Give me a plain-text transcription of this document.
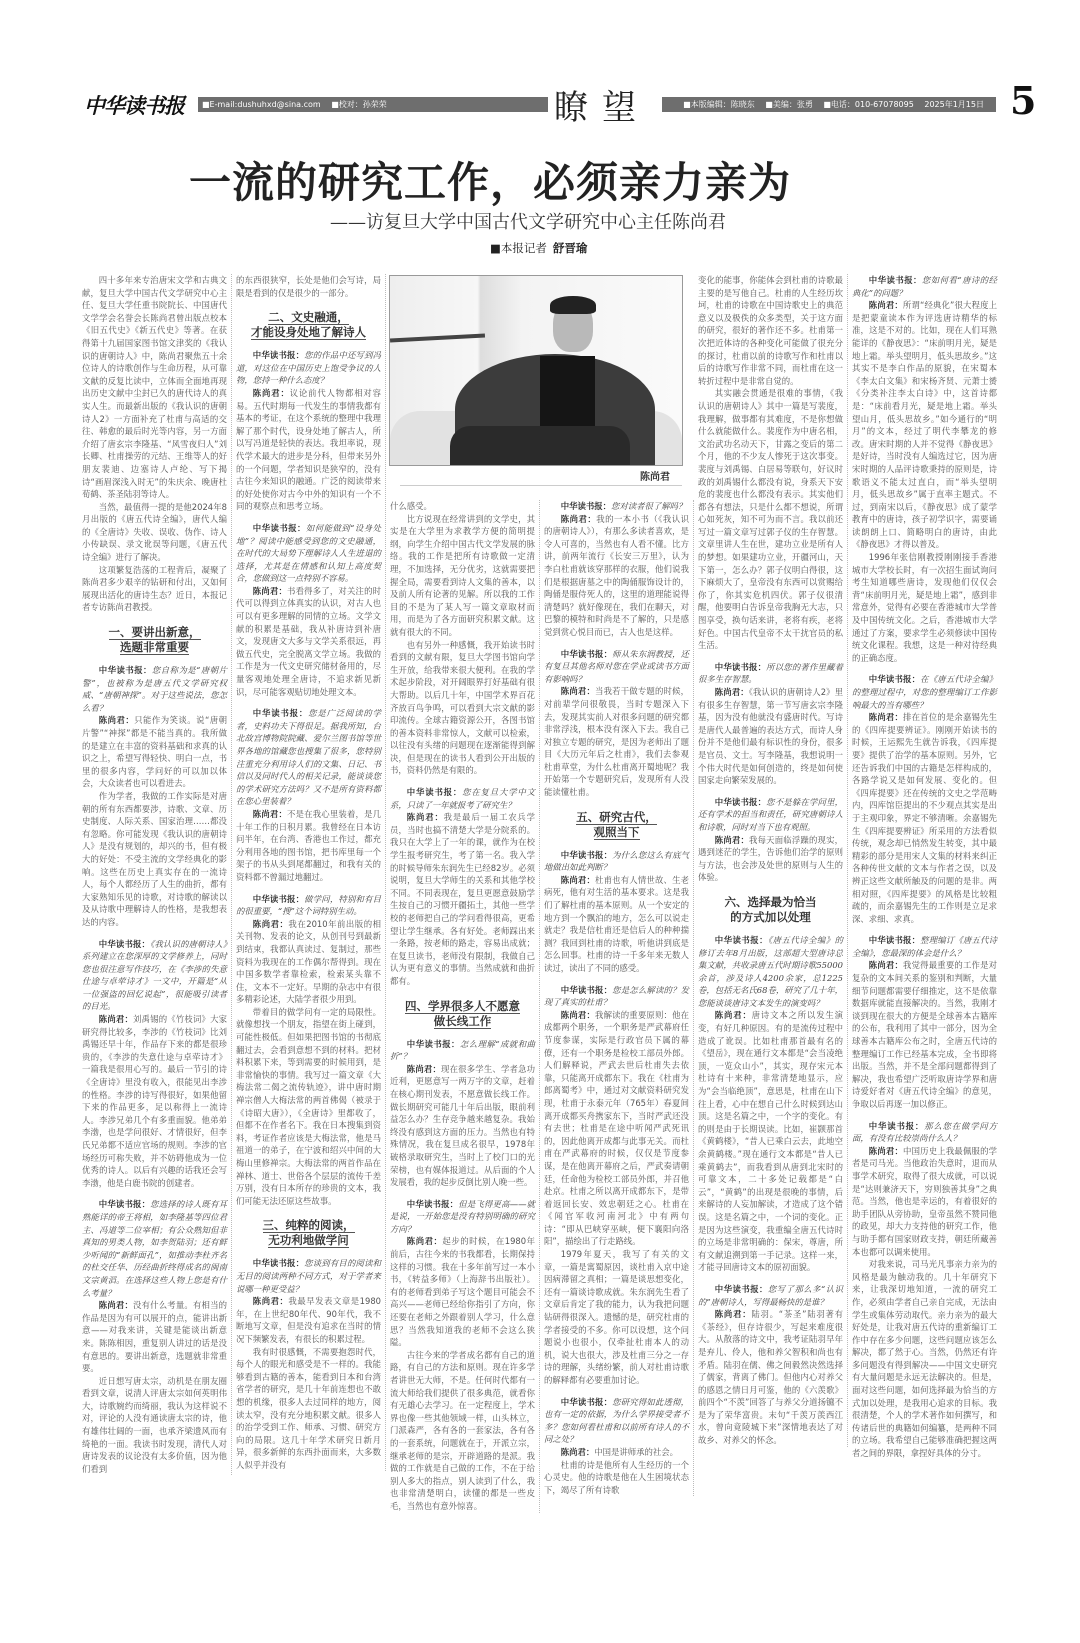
中华读书报	■E-mail:dushuhxd@sina.com ■校对：孙荣荣	瞭望	■本版编辑：陈晓东 ■美编：张勇 ■电话：010-67078095 2025年1月15日 5
一流的研究工作，必须亲力亲为
——访复旦大学中国古代文学研究中心主任陈尚君
■本报记者 舒晋瑜
陈尚君

四十多年来专治唐宋文学和古典文献，复旦大学中国古代文学研究中心主任、复旦大学任重书院院长、中国唐代文学学会名誉会长陈尚君曾出版点校本《旧五代史》《新五代史》等著。在获得第十九届国家图书馆文津奖的《我认识的唐朝诗人》中，陈尚君聚焦五十余位诗人的诗歌创作与生命历程，从可靠文献的反复比读中，立体而全面地再现出历史文献中尘封已久的唐代诗人的真实人生。而最新出版的《我认识的唐朝诗人2》一方面补充了杜甫与高适的交往、韩愈的最后时光等内容，另一方面介绍了唐玄宗李隆基、“风雪夜归人”刘长卿、杜甫操劳的元结、王维等人的好朋友裴迪、边塞诗人卢纶、写下揭诗“画眉深浅入时无”的朱庆余、晚唐杜荀鹤、茶圣陆羽等诗人。

当然，最值得一提的是他2024年8月出版的《唐五代诗全编》，唐代人编的《全唐诗》失收、误收、伪作、诗人小传缺误、录文讹误等问题，《唐五代诗全编》进行了解决。

这项繁复浩荡的工程背后，凝聚了陈尚君多少艰辛的钻研和付出，又如何展现出活化的唐诗生态？近日，本报记者专访陈尚君教授。

一、要讲出新意，
选题非常重要

中华读书报：您自称为是“唐朝片警”，也被称为是唐五代文学研究权威、“唐朝神探”。对于这些说法，您怎么看？

陈尚君：只能作为笑谈。说“唐朝片警”“神探”都是不能当真的。我所做的是建立在丰富的资料基础和求真的认识之上，希望写得轻快、明白一点，书里的很多内容，学问好的可以加以体会，大众读者也可以看进去。

作为学者，我做的工作实际是对唐朝的所有东西都要涉，诗歌、文章、历史制度、人际关系、国家治理……都没有忽略。你可能发现《我认识的唐朝诗人》是没有规划的，却兴的书，但有极大的好处：不受主流的文学经典化的影响。这些在历史上真实存在的一流诗人，每个人都经历了人生的曲折，都有大家熟知乐见的诗歌，对诗歌的解读以及从诗歌中理解诗人的性格，是我想表达的内容。

中华读书报：《我认识的唐朝诗人》系列建立在您深厚的文学修养上，同时您也很注意写作技巧，在《李涉的失意仕途与卓荦诗才》一文中，开篇是“从一位强盗的回忆说起”，很能吸引读者的目光。

陈尚君：刘禹锡的《竹枝词》大家研究得比较多，李涉的《竹枝词》比刘禹锡还早十年，作品存下来的都是很珍贵的，《李涉的失意仕途与卓荦诗才》一篇我是很用心写的。最后一节引的诗《全唐诗》里没有收入，很能见出李涉的性格。李涉的诗写得很好，如果他留下来的作品更多，足以称得上一流诗人。李涉兄弟几个有多重面貌。他弟弟李渤，也是学问很好、才情很好，但李氏兄弟都不适应官场的规则。李涉的官场经历可称失败，并不妨碍他成为一位优秀的诗人。以后有兴趣的话我还会写李渤，他是白鹿书院的创建者。

中华读书报：您选择的诗人既有耳熟能详的帝王将相，如李隆基等四位君主、冯道等二位宰相；有公众熟知但非真知的男类人物，如李贺陆羽；还有鲜少听闻的“新鲜面孔”，如推动李杜齐名的杜交任华、历经曲折终得成名的闽南文宗黄滔。在选择这些人物上您是有什么考量？

陈尚君：没有什么考量。有相当的作品是因为有可以展开的点，能讲出新意——对我来讲，关键是能谈出新意来。陈陈相因，重复别人讲过的话是没有意思的。要讲出新意，选题就非常重要。

近日想写唐太宗，动机是在朋友圈看到文章，说清人评唐太宗如何英明伟大，诗歌婉约而绮丽，我认为这样说不对，评论的人没有通读唐太宗的诗，他有雄伟壮阔的一面，也承齐梁遗风而有绮艳的一面。我读书时发现，清代人对唐诗发表的议论没有太多价值，因为他们看到

的东西很狭窄，长处是他们会写诗，局限是看到的仅是很少的一部分。

二、文史融通，
才能设身处地了解诗人

中华读书报：您的作品中还写到冯道，对这位在中国历史上饱受争议的人物，您持一种什么态度？

陈尚君：议论前代人物都相对容易。五代时期每一代发生的事情我都有基本的考证，在这个系统的整理中我理解了那个时代，设身处地了解古人，所以写冯道是轻快的表达。我坦率说，现代学术最大的进步是分科，但带来另外的一个问题，学者知识是狭窄的，没有古往今来知识的融通。广泛的阅读带来的好处使你对古今中外的知识有一个不同的观察点和思考立场。

中华读书报：如何能做到“设身处地”？阅读中能感受到您的文史融通，在时代的大局势下理解诗人人生进退的选择，尤其是在情感和认知上高度契合，您做到这一点特别不容易。

陈尚君：书看得多了，对关注的时代可以得到立体真实的认识，对古人也可以有更多理解的同情的立场。文学文献的积累是基础，我从补唐诗到补唐文，发现唐文大多与文学关系很远，再做五代史，完全脱离文学立场。我做的工作是为一代文史研究储材备用的，尽量客观地处理全唐诗，不追求新见新识，尽可能客观贴切地处理文本。

中华读书报：您是广泛阅读的学者，史料功夫下得很足。据我所知，台北故宫博物院院藏、爱尔兰图书馆等世界各地的馆藏您也搜集了很多，您特别注重充分利用诗人们的文集、日记、书信以及同时代人的相关记录，能谈谈您的学术研究方法吗？又不是所有资料都在您心里装着？

陈尚君：不是在我心里装着，是几十年工作的日积月累。我曾经在日本访问半年，在台湾、香港也工作过，都充分利用各地的图书馆，把书库里每一个架子的书从头到尾都翻过，和我有关的资料都不曾漏过地翻过。

中华读书报：做学问，特别和有目的很重要，“搜”这个词特别生动。

陈尚君：我在2010年前出版的相关刊物、发表的论文，从创刊号到最新到结束，我都认真读过、复制过，那些资料为我现在的工作偶尔帮得到。现在中国多数学者靠检索，检索某头靠不住，文本不一定好。早期的杂志中有很多精彩论述，大陆学者很少用到。

带着目的做学问有一定的局限性。就像想找一个朋友，指望在街上碰到，可能性极低。但如果把图书馆的书彻底翻过去，会看到意想不到的材料。把材料积累下来，等到需要的时候用到，是非常愉快的事情。我写过一篇文章《大梅法常二偈之流传轨迹》，讲中唐时期禅宗僧人大梅法常的两首佛偈（被录于《诗昭大唐》），《全唐诗》里都收了，但都不在作者名下。我在日本搜集到资料，考证作者应该是大梅法常，他是马祖道一的弟子，在宁波和绍兴中间的大梅山里修禅宗。大梅法常的两首作品在禅林、道士、世俗各个层层的流传千差万别，没有日本所存的珍贵的文本，我们可能无法还原这些故事。

三、纯粹的阅读，
无功利地做学问

中华读书报：您谈到有目的阅读和无目的阅读两种不同方式，对于学者来说哪一种更受益？

陈尚君：我最早发表文章是1980年，在上世纪80年代、90年代，我不断地写文章，但是没有追求在当时的情况下频繁发表，有很长的积累过程。

我有时很感慨，不需要抱怨时代，每个人的眼光和感受是不一样的。我能够看到古籍的善本，能看到日本和台湾省学者的研究，是几十年前连想也不敢想的机缘，很多人去过同样的地方，阅读太窄，没有充分地积累文献。很多人的治学受到工作、师承、习惯、研究方向的局限。这几十年学术研究日新月异，很多新鲜的东西扑面而来，大多数人似乎并没有

什么感受。

比方说现在经常讲到的文学史，其实是在大学里为求教学方便的简明提纲，向学生介绍中国古代文学发展的脉络。我的工作是把所有诗歌做一定清理，不加选择，无分优劣，这就需要把握全局，需要看到诗人文集的善本，以及前人所有论著的见解。所以我的工作目的不是为了某人写一篇文章取材而用，而是为了各方面研究积累文献。这就有很大的不同。

也有另外一种感慨，我开始读书时看到的文献有限，复旦大学图书馆向学生开放，给我带来很大便利。在我的学术起步阶段，对开阔眼界打好基础有很大帮助。以后几十年，中国学术界百花齐放百鸟争鸣，可以看到大宗文献的影印流传。全球古籍资源公开，各图书馆的善本资料非常惊人，文献可以检索，以往没有头绪的问题现在逐渐能得到解决，但是现在的读书人看到公开出版的书，资料仍然是有限的。

中华读书报：您在复旦大学中文系，只读了一年就报考了研究生？

陈尚君：我是最后一届工农兵学员，当时也搞不清楚大学是分院系的。我只在大学上了一年的课，就作为在校学生报考研究生，考了第一名。我入学的时候导师朱东润先生已经82岁。必须说明，复旦大学师生的关系和其他学校不同。不同表现在，复旦更愿意鼓励学生按自己的习惯开疆拓土，其他一些学校的老师把自己的学问看得很高，更希望让学生继承。各有好处。老师踩出来一条路，按老师的路走，容易出成就；在复旦读书，老师没有限制，我做自己认为更有意义的事情。当然成就和曲折都有。

四、学界很多人不愿意
做长线工作

中华读书报：怎么理解“成就和曲折”？

陈尚君：现在很多学生、学者急功近利，更愿意写一两万字的文章，赶着在核心期刊发表，不愿意做长线工作。做长期研究可能几十年后出版，眼前利益怎么办？生存竞争越来越复杂。我始终没有感到这方面的压力。当然也有特殊情况，我在复旦成名很早，1978年破格录取研究生，当时上了校门口的光荣榜，也有媒体报道过。从后面的个人发展看，我的起步反倒比别人晚一些。

中华读书报：但是飞得更高——就是说，一开始您是没有特别明确的研究方向？

陈尚君：起步的时候，在1980年前后，古往今来的书我都看，长期保持这样的习惯。我在十多年前写过一本小书，《转益多师》（上海辞书出版社）。有的老师看到弟子写这个题目可能会不高兴——老师已经给你指引了方向，你还要在老师之外跟着别人学习，什么意思？当然我知道我的老师不会这么狭隘。

古往今来的学者成名都有自己的道路，有自己的方法和原则。现在许多学者讲世无大师，不是。任何时代都有一流大师给我们提供了很多典范，就看你有无雄心去学习。在一定程度上，学术界也像一些其他领域一样，山头林立，门派森严，各有各的一套家法，各有各的一套系统，问题就在于，开派立宗，继承老师的是宗，开辟道路的是派。我做的工作就是自己做的工作，不在于给别人多大的指点，别人读到了什么，我也非常清楚明白，读懂的都是一些皮毛，当然也有意外惊喜。

中华读书报：您对读者很了解吗？

陈尚君：我的一本小书（《我认识的唐朝诗人》），有那么多读者喜欢，是令人可喜的，当然也有人看不懂。比方讲，前两年流行《长安三万里》，认为李白杜甫就该穿那样的衣服，他们说我们是根据唐墓之中的陶俑服饰设计的，陶俑是服侍死人的，这里的道理能说得清楚吗？就好像现在，我们在聊天，对巴黎的模特和时尚是不了解的，只是感觉到赏心悦目而已，古人也是这样。

中华读书报：师从朱东润教授，还有复旦其他名师对您在学业或读书方面有影响吗？

陈尚君：当我若干做专题的时候，对前辈学问很敬畏，当时专题深入下去，发现其实前人对很多问题的研究都非常浮浅，根本没有深入下去。我自己对独立专题的研究，是因为老师出了题目《大历元年后之杜甫》，我们去参观杜甫草堂，为什么杜甫离开蜀地呢？我开始第一个专题研究后，发现所有人没能读懂杜甫。

五、研究古代，
观照当下

中华读书报：为什么您这么有底气地做出如此判断？

陈尚君：杜甫也有人情世故、生老病死，他有对生活的基本要求。这是我们了解杜甫的基本原则。从一个安定的地方到一个飘泊的地方，怎么可以说走就走？我是信杜甫还是信后人的种种揣测？我回到杜甫的诗歌，听他讲到底是怎么回事。杜甫的诗一千多年来无数人读过，读出了不同的感受。

中华读书报：您是怎么解读的？发现了真实的杜甫？

陈尚君：我解读的重要原则：他在成都两个职务，一个职务是严武幕府任节度参谋，实际是行政官员下属的幕僚，还有一个职务是检校工部员外郎。人们解释说，严武去世后杜甫失去依靠，只能离开成都东下。我在《杜甫为郎离蜀考》中，通过对文献资料研究发现，杜甫于永泰元年（765年）春夏间离开成都买舟携家东下，当时严武还没有去世；杜甫是在途中听闻严武死讯的，因此他离开成都与此事无关。而杜甫在严武幕府的时候，仅仅是节度参谋，是在他离开幕府之后，严武奏请朝廷，任命他为检校工部员外郎，并召他赴京。杜甫之所以离开成都东下，是带着返回长安、效忠朝廷之心。杜甫在《闻官军收河南河北》中有两句诗：“即从巴峡穿巫峡，便下襄阳向洛阳”，描绘出了行走路线。

1979年夏天，我写了有关的文章，一篇是寓蜀原因，谈杜甫入京中途因病滞留之真相；一篇是谈思想变化，还有一篇谈诗歌成就。朱东润先生看了文章后肯定了我的能力，认为我把问题钻研得很深入。遗憾的是，研究杜甫的学者接受的不多。你可以设想，这个问题说小也很小，仅牵扯杜甫本人的动机，说大也很大，涉及杜甫三分之一存诗的理解，头绪纷繁，前人对杜甫诗歌的解释都有必要重加讨论。

中华读书报：您研究得如此透彻，也有一定的依据，为什么学界接受者不多？您如何看杜甫和以前所有诗人的不同之处？

陈尚君：中国是讲师承的社会。

杜甫的诗是他所有人生经历的一个心灵史。他的诗歌是他在人生困境状态下，竭尽了所有诗歌

变化的能事，你能体会到杜甫的诗歌最主要的是写他自己。杜甫的人生经历坎坷，杜甫的诗歌在中国诗歌史上的典范意义以及极佚的众多类型，关于这方面的研究，很好的著作还不多。杜甫第一次把近体诗的各种变化可能做了很充分的探讨，杜甫以前的诗歌写作和杜甫以后的诗歌写作非常不同，而杜甫在这一转折过程中是非常自觉的。

其实融会贯通是很难的事情，《我认识的唐朝诗人》其中一篇是写裴度，我理解，做事都有其难度，不是你想做什么就能做什么。裴度作为中唐名相，文治武功名动天下，甘露之变后的第二个月，他的不少友人惨死于这次事变。裴度与刘禹锡、白居易等联句，好议时政的刘禹锡什么都没有说，身系天下安危的裴度也什么都没有表示。其实他们都各有想法，只是什么都不想说，所谓心如死灰，知不可为而不言。我以前还写过一篇文章写过郭子仪的生存智慧。文章里讲人生在世，建功立业是所有人的梦想。如果建功立业，开疆河山，天下第一，怎么办？郭子仪明白得很，这下麻烦大了，皇帝没有东西可以赏赐给你了，你其实危机四伏。郭子仪很清醒，他要明白告诉皇帝我胸无大志，只图享受，换句话来讲，老将有疾，老将好色。中国古代皇帝不太干扰官员的私生活。

中华读书报：所以您的著作里藏着很多生存智慧。

陈尚君：《我认识的唐朝诗人2》里有很多生存智慧，第一节写唐玄宗李隆基，因为没有他就没有盛唐时代。写诗是唐代人最普遍的表达方式，而诗人身份并不是他们最有标识性的身份，很多是官员、文士。写李隆基，我想说明一个伟大时代是如何创造的，终是如何使国家走向繁荣发展的。

中华读书报：您不是躲在学问里，还有学术的担当和责任，研究唐朝诗人和诗歌，同时对当下也有观照。

陈尚君：我每天面临浮躁的现实，遇到迷茫的学生，告诉他们治学的原则与方法，也会涉及处世的原则与人生的体验。

六、选择最为恰当
的方式加以处理

中华读书报：《唐五代诗全编》的修订去年8月出版，这部超大型唐诗总集文献，共收录唐五代时期诗歌55000余首，涉及诗人4200余家，总1225卷，包括无名氏68卷，研究了几十年，您能谈谈唐诗文本发生的演变吗？

陈尚君：唐诗文本之所以发生演变，有好几种原因。有的是流传过程中造成了讹误。比如杜甫那首最有名的《望岳》，现在通行文本都是“会当凌绝顶，一览众山小”，其实，现存宋元本杜诗有十来种，非常清楚地显示，应为“会当临绝顶”，意思是，杜甫在山下往上看，心中在想自己什么时候到达山顶。这是名篇之中，一个字的变化。有的则是由于长期误读。比如，崔颢那首《黄鹤楼》，“昔人已乘白云去，此地空余黄鹤楼。”现在通行文本都是“昔人已乘黄鹤去”，而我看到从唐到北宋时的可靠文本，二十多处记载都是“白云”，“黄鹤”的出现是很晚的事情，后来解诗的人妄加解读，才造成了这个错误。这是名篇之中，一个词的变化。正是因为这些演变，我重编全唐五代诗时的立场是非常明确的：保宋，尊唐，所有文献追溯到第一手记录。这样一来，才能寻回唐诗文本的原初面貌。

中华读书报：您写了那么多“认识的”唐朝诗人，写得最畅快的是谁？

陈尚君：陆羽。“茶圣”陆羽著有《茶经》，但存诗很少，写起来难度很大。从散落的诗文中，我考证陆羽早年是弃儿、伶人，他和养父智积和尚也有矛盾。陆羽在儒、佛之间毅然决然选择了儒家，背离了佛门。但他内心对养父的感恩之情日月可鉴，他的《六羡歌》前四个“不羡”回答了与养父分道扬镳不是为了荣华富贵。末句“千羡万羡西江水，曾向竟陵城下来”深情地表达了对故乡、对养父的怀念。

中华读书报：您如何看“唐诗的经典化”的问题？

陈尚君：所谓“经典化”很大程度上是把蒙童读本作为评选唐诗精华的标准，这是不对的。比如，现在人们耳熟能详的《静夜思》：“床前明月光，疑是地上霜。举头望明月，低头思故乡。”这其实不是李白作品的原貌，在宋蜀本《李太白文集》和宋杨齐贤、元萧士赟《分类补注李太白诗》中，这首诗都是：“床前看月光，疑是地上霜。举头望山月，低头思故乡。”如今通行的“明月”的文本，经过了明代李攀龙的修改。唐宋时期的人并不觉得《静夜思》是好诗，当时没有人编选过它，因为唐宋时期的人品评诗歌秉持的原则是，诗歌语义不能太过直白，而“举头望明月，低头思故乡”属于直率主题式。不过，到南宋以后，《静夜思》成了蒙学教育中的唐诗，孩子初学识字，需要诵读朗朗上口、简略明白的唐诗，由此《静夜思》才得以普及。

1996年张信刚教授刚刚接手香港城市大学校长时，有一次招生面试询问考生知道哪些唐诗，发现他们仅仅会背“床前明月光，疑是地上霜”，感到非常意外，觉得有必要在香港城市大学普及中国传统文化。之后，香港城市大学通过了方案，要求学生必须修读中国传统文化课程。我想，这是一种对待经典的正确态度。

中华读书报：在《唐五代诗全编》的整理过程中，对您的整理编订工作影响最大的当有哪些？

陈尚君：排在首位的是余嘉锡先生的《四库提要辨证》。刚刚开始读书的时候，王运熙先生就告诉我，《四库提要》提供了治学的基本原则。另外，它还告诉我们中国的古籍是怎样构成的，各路学说又是如何发展、变化的。但《四库提要》还在传统的文史之学范畴内，四库馆臣提出的不少观点其实是出于主观印象，界定不够清晰。余嘉锡先生《四库提要辨证》所采用的方法看似传统，观念却已悄然发生转变，其中最精彩的部分是用宋人文集的材料来纠正各种传世文献的文本与作者之误，以及辨正这些文献所触及的问题的是非。两相对照，《四库提要》的风格是比较粗疏的，而余嘉锡先生的工作则是立足求深、求细、求真。

中华读书报：整理编订《唐五代诗全编》，您最深的体会是什么？

陈尚君：我觉得最重要的工作是对复杂的文本间关系的鉴别和判断，大量细节问题都需要仔细推定，这不是依靠数据库就能直接解决的。当然，我刚才谈到现在很大的方便是全球善本古籍库的公布，我利用了其中一部分，因为全球善本古籍库公布之时，全唐五代诗的整理编订工作已经基本完成，全书即将出版。当然，并不是全部问题都得到了解决，我也希望广泛听取唐诗学界和唐诗爱好者对《唐五代诗全编》的意见，争取以后再逐一加以修正。

中华读书报：那么您在做学问方面，有没有比较崇尚什么人？

陈尚君：中国历史上我最佩服的学者是司马光。当他政治失意时，退而从事学术研究，取得了很大成就，可以说是“达则兼济天下，穷则独善其身”之典范。当然，他也是幸运的，有着很好的助手团队从旁协助，皇帝虽然不赞同他的政见，却大力支持他的研究工作，他与助手都有国家财政支持，朝廷所藏善本也都可以调来使用。

对我来说，司马光凡事亲力亲为的风格是最为触动我的。几十年研究下来，让我深切地知道，一流的研究工作，必须由学者自己亲自完成，无法由学生或集体劳动取代。亲力亲为的最大好处是，让我对唐五代诗的重新编订工作中存在多少问题，这些问题应该怎么解决，都了然于心。当然，仍然还有许多问题没有得到解决——中国文史研究有大量问题是永远无法解决的。但是，面对这些问题，如何选择最为恰当的方式加以处理，是我用心追求的目标。我很清楚，个人的学术著作如何撰写，和传诸后世的典籍如何编纂，是两种不同的立场。我希望自己能够准确把握这两者之间的界限，拿捏好具体的分寸。
